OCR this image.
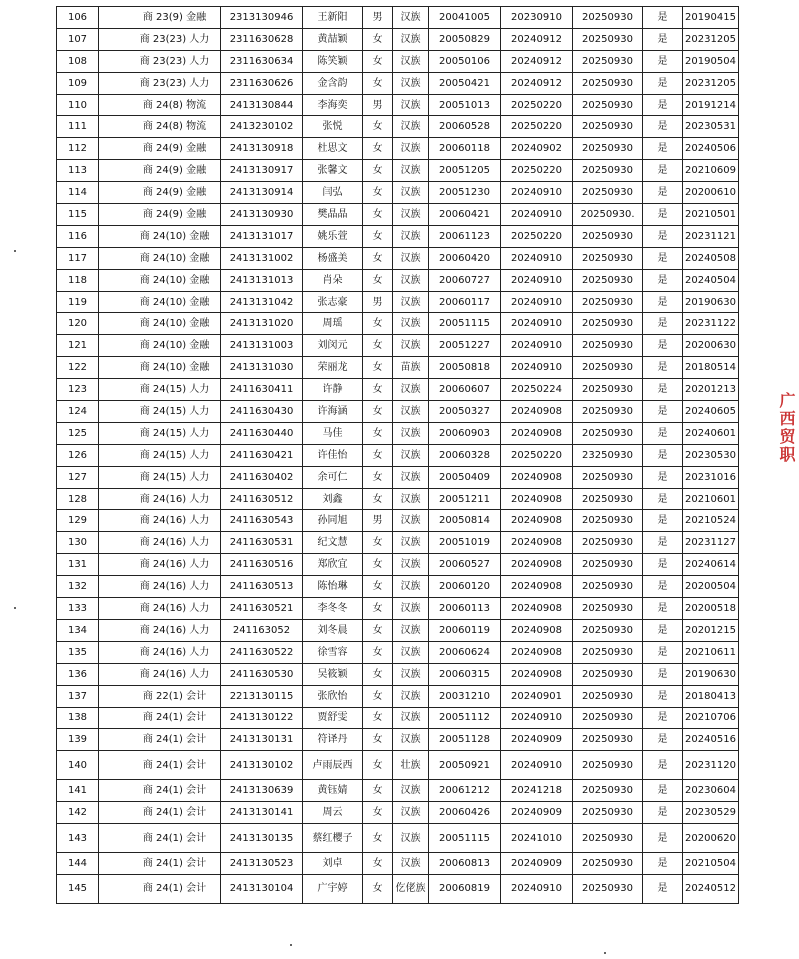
106	商 23(9) 金融	2313130946	王新阳	男	汉族	20041005	20230910	20250930	是	20190415
107	商 23(23) 人力	2311630628	黄喆颖	女	汉族	20050829	20240912	20250930	是	20231205
108	商 23(23) 人力	2311630634	陈笑颖	女	汉族	20050106	20240912	20250930	是	20190504
109	商 23(23) 人力	2311630626	金含韵	女	汉族	20050421	20240912	20250930	是	20231205
110	商 24(8) 物流	2413130844	李海奕	男	汉族	20051013	20250220	20250930	是	20191214
111	商 24(8) 物流	2413230102	张悦	女	汉族	20060528	20250220	20250930	是	20230531
112	商 24(9) 金融	2413130918	杜思文	女	汉族	20060118	20240902	20250930	是	20240506
113	商 24(9) 金融	2413130917	张馨文	女	汉族	20051205	20250220	20250930	是	20210609
114	商 24(9) 金融	2413130914	闫弘	女	汉族	20051230	20240910	20250930	是	20200610
115	商 24(9) 金融	2413130930	樊晶晶	女	汉族	20060421	20240910	20250930.	是	20210501
116	商 24(10) 金融	2413131017	姚乐萱	女	汉族	20061123	20250220	20250930	是	20231121
117	商 24(10) 金融	2413131002	杨盛美	女	汉族	20060420	20240910	20250930	是	20240508
118	商 24(10) 金融	2413131013	肖朵	女	汉族	20060727	20240910	20250930	是	20240504
119	商 24(10) 金融	2413131042	张志豪	男	汉族	20060117	20240910	20250930	是	20190630
120	商 24(10) 金融	2413131020	周瑶	女	汉族	20051115	20240910	20250930	是	20231122
121	商 24(10) 金融	2413131003	刘闵元	女	汉族	20051227	20240910	20250930	是	20200630
122	商 24(10) 金融	2413131030	荣丽龙	女	苗族	20050818	20240910	20250930	是	20180514
123	商 24(15) 人力	2411630411	许静	女	汉族	20060607	20250224	20250930	是	20201213
124	商 24(15) 人力	2411630430	许海涵	女	汉族	20050327	20240908	20250930	是	20240605
125	商 24(15) 人力	2411630440	马佳	女	汉族	20060903	20240908	20250930	是	20240601
126	商 24(15) 人力	2411630421	许佳怡	女	汉族	20060328	20250220	23250930	是	20230530
127	商 24(15) 人力	2411630402	余可仁	女	汉族	20050409	20240908	20250930	是	20231016
128	商 24(16) 人力	2411630512	刘鑫	女	汉族	20051211	20240908	20250930	是	20210601
129	商 24(16) 人力	2411630543	孙同旭	男	汉族	20050814	20240908	20250930	是	20210524
130	商 24(16) 人力	2411630531	纪文慧	女	汉族	20051019	20240908	20250930	是	20231127
131	商 24(16) 人力	2411630516	郑欣宜	女	汉族	20060527	20240908	20250930	是	20240614
132	商 24(16) 人力	2411630513	陈怡琳	女	汉族	20060120	20240908	20250930	是	20200504
133	商 24(16) 人力	2411630521	李冬冬	女	汉族	20060113	20240908	20250930	是	20200518
134	商 24(16) 人力	241163052	刘冬晨	女	汉族	20060119	20240908	20250930	是	20201215
135	商 24(16) 人力	2411630522	徐雪容	女	汉族	20060624	20240908	20250930	是	20210611
136	商 24(16) 人力	2411630530	吴筱颖	女	汉族	20060315	20240908	20250930	是	20190630
137	商 22(1) 会计	2213130115	张欣怡	女	汉族	20031210	20240901	20250930	是	20180413
138	商 24(1) 会计	2413130122	贾舒雯	女	汉族	20051112	20240910	20250930	是	20210706
139	商 24(1) 会计	2413130131	符译丹	女	汉族	20051128	20240909	20250930	是	20240516
140	商 24(1) 会计	2413130102	卢雨辰西	女	壮族	20050921	20240910	20250930	是	20231120
141	商 24(1) 会计	2413130639	黄钰婧	女	汉族	20061212	20241218	20250930	是	20230604
142	商 24(1) 会计	2413130141	周云	女	汉族	20060426	20240909	20250930	是	20230529
143	商 24(1) 会计	2413130135	蔡红樱子	女	汉族	20051115	20241010	20250930	是	20200620
144	商 24(1) 会计	2413130523	刘卓	女	汉族	20060813	20240909	20250930	是	20210504
145	商 24(1) 会计	2413130104	广宇婷	女	仡佬族	20060819	20240910	20250930	是	20240512
广西贸职
